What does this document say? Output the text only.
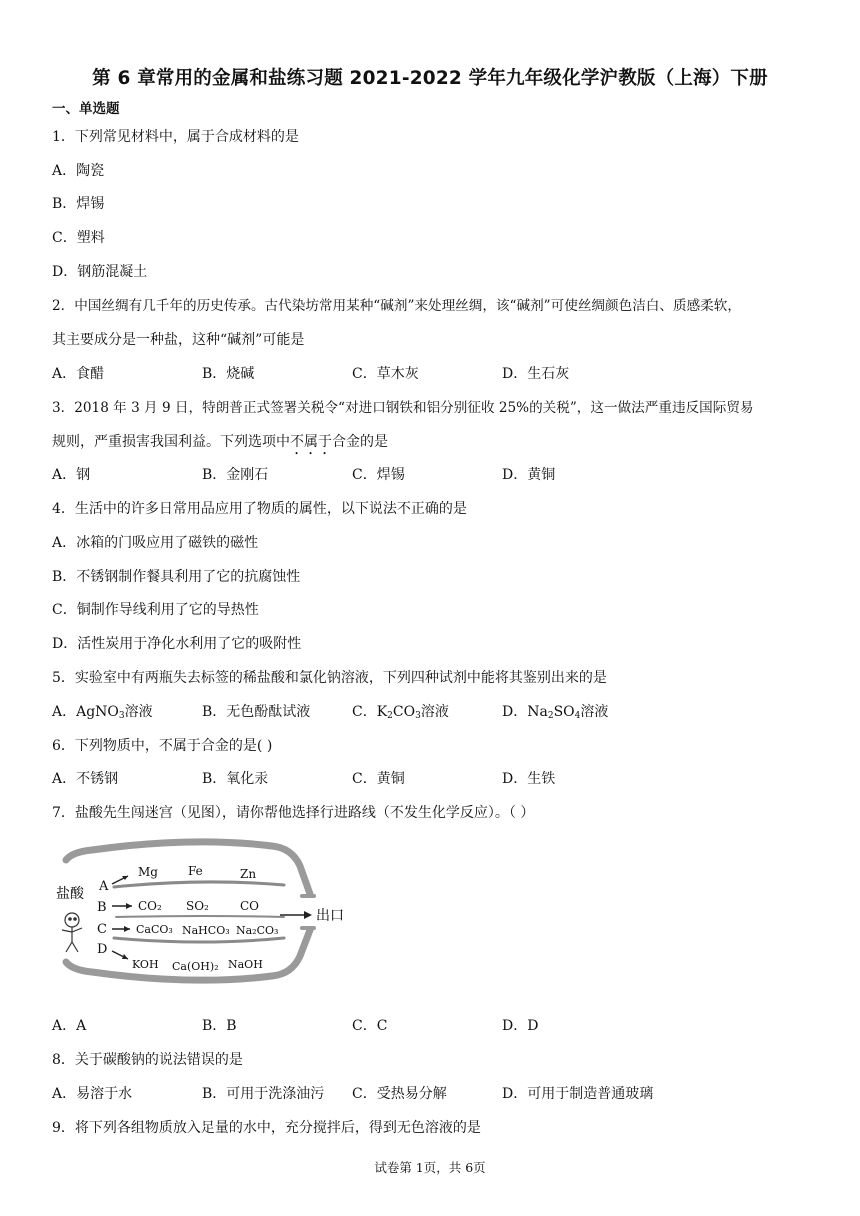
第 6 章常用的金属和盐练习题 2021-2022 学年九年级化学沪教版（上海）下册
一、单选题
1．下列常见材料中，属于合成材料的是
A．陶瓷
B．焊锡
C．塑料
D．钢筋混凝土
2．中国丝绸有几千年的历史传承。古代染坊常用某种“碱剂”来处理丝绸，该“碱剂”可使丝绸颜色洁白、质感柔软，
其主要成分是一种盐，这种“碱剂”可能是
A．食醋	B．烧碱	C．草木灰	D．生石灰
3．2018 年 3 月 9 日，特朗普正式签署关税令“对进口钢铁和铝分别征收 25%的关税”，这一做法严重违反国际贸易
规则，严重损害我国利益。下列选项中不属于合金的是
A．钢	B．金刚石	C．焊锡	D．黄铜
4．生活中的许多日常用品应用了物质的属性，以下说法不正确的是
A．冰箱的门吸应用了磁铁的磁性
B．不锈钢制作餐具利用了它的抗腐蚀性
C．铜制作导线利用了它的导热性
D．活性炭用于净化水利用了它的吸附性
5．实验室中有两瓶失去标签的稀盐酸和氯化钠溶液，下列四种试剂中能将其鉴别出来的是
A．AgNO$_3$溶液	B．无色酚酞试液	C．$K_2CO_3$溶液	D．$Na_2SO_4$溶液
6．下列物质中，不属于合金的是( )
A．不锈钢	B．氧化汞	C．黄铜	D．生铁
7．盐酸先生闯迷宫（见图），请你帮他选择行进路线（不发生化学反应）。（ ）
盐酸
出口
A
B
C
D
Mg	Fe	Zn
CO₂ SO₂	CO
CaCO₃ NaHCO₃ Na₂CO₃
KOH Ca(OH)₂ NaOH
A．A	B．B	C．C	D．D
8．关于碳酸钠的说法错误的是
A．易溶于水	B．可用于洗涤油污 C．受热易分解	D．可用于制造普通玻璃
9．将下列各组物质放入足量的水中，充分搅拌后，得到无色溶液的是
试卷第 1页，共 6页
